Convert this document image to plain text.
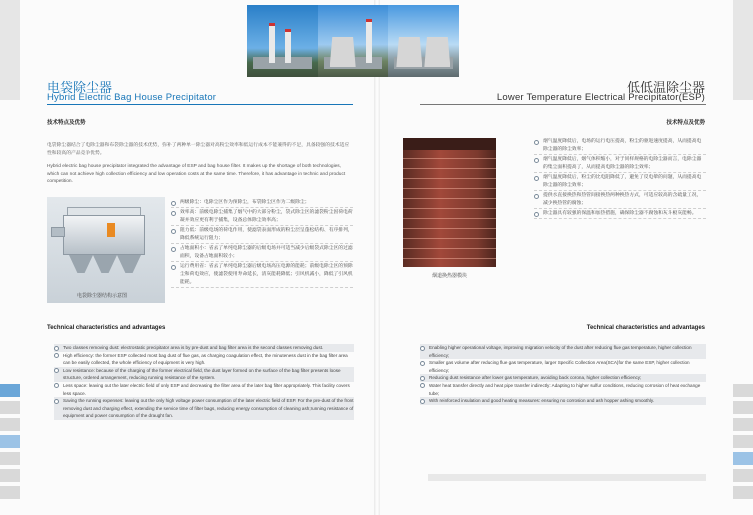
电袋除尘器
Hybrid Electric Bag House Precipitator
技术特点及优势
电袋除尘器结合了电除尘器和布袋除尘器的技术优势，弥补了两种单一除尘器对高粉尘效率和低运行成本不能兼得的不足，具备较强的技术适应性和较高的产品竞争优势。
Hybrid electric bag house precipitator integrated the advantage of ESP and bag house filter. It makes up the shortage of both technologies, which can not achieve high collection efficiency and low operation costs at the same time. Therefore, it has advantage in technic and product competition.
电袋除尘器结构示意图
两级除尘：电除尘区作为预除尘，布袋除尘区作为二级除尘；
效率高：前级电除尘捕集了烟气中的大部分粉尘，袋式除尘区的滤袋粉尘因荷电荷凝并效应更有利于捕集，设备总体除尘效率高；
阻力低：前级电场的荷电作用，使滤袋表面形成的粉尘层呈蓬松结构、有序排列，降低系统运行阻力；
占地面积小：省去了单纯电除尘器的后级电场并可适当减少后级袋式除尘区的过滤面积，设备占地面积较小；
运行费用省：省去了单纯电除尘器后级电场高压电源的能耗；前级电除尘区的预除尘和荷电效应，使滤袋使用寿命延长，清灰能耗降低；引风机减小，降低了引风机能耗。
Technical characteristics and advantages
Two classes removing dust: electrostatic precipitator area is by pre-dust and bag filter area is the second classes removing dust.
High efficiency: the former ESP collected most bag dust of flue gas, as charging coagulation effect, the minuteness dust in the bag filter area can be easily collected, the whole efficiency of equipment is very high.
Low resistance: because of the charging of the former electrical field, the dust layer formed on the surface of the bag filter presents loose structure, ordered arrangement, reducing running resistance of the system.
Less space: leaving out the later electric field of only ESP and decreasing the filter area of the later bag filter appropriately. This facility covers less space.
Saving the running expenses: leaving out the only high voltage power consumption of the later electric field of ESP. For the pre-dust of the front removing dust and charging effect, extending the service time of filter bags, reducing energy consumption of cleaning ash;running resistance of equipment and power consumption of the draught fan.
低低温除尘器
Lower Temperature Electrical Precipitator(ESP)
技术特点及优势
烟道换热器模块
烟气温度降低后，电场的运行电压提高，粉尘的驱进速度提高，从而提高电除尘器的除尘效率；
烟气温度降低后，烟气体积缩小，对于同样规格的电除尘器而言，电除尘器的集尘面积提高了，从而提高电除尘器的除尘效率；
烟气温度降低后，粉尘的比电阻降低了，避免了反电晕的问题，从而提高电除尘器的除尘效率；
提供水直接换热和热管间接换热两种换热方式，可适应较高的含硫量工况，减少换热管的腐蚀；
除尘器具有较强的保温和加热措施，确保除尘器不腐蚀和灰斗板灰能畅。
Technical characteristics and advantages
Enabling higher operational voltage, improving migration velocity of the dust after reducing flue gas temperature, higher collection efficiency;
Smaller gas volume after reducing flue gas temperature, larger Specific Collection Area(SCA)for the same ESP, higher collection efficiency;
Reducing dust resistance after lower gas temperature, avoiding back corona, higher collection efficiency;
Water heat transfer directly and heat pipe transfer indirectly: Adapting to higher sulfur conditions, reducing corrosion of heat exchange tube;
With reinforced insulation and good heating measures: ensuring no corrosion and ash hopper ashing smoothly.
